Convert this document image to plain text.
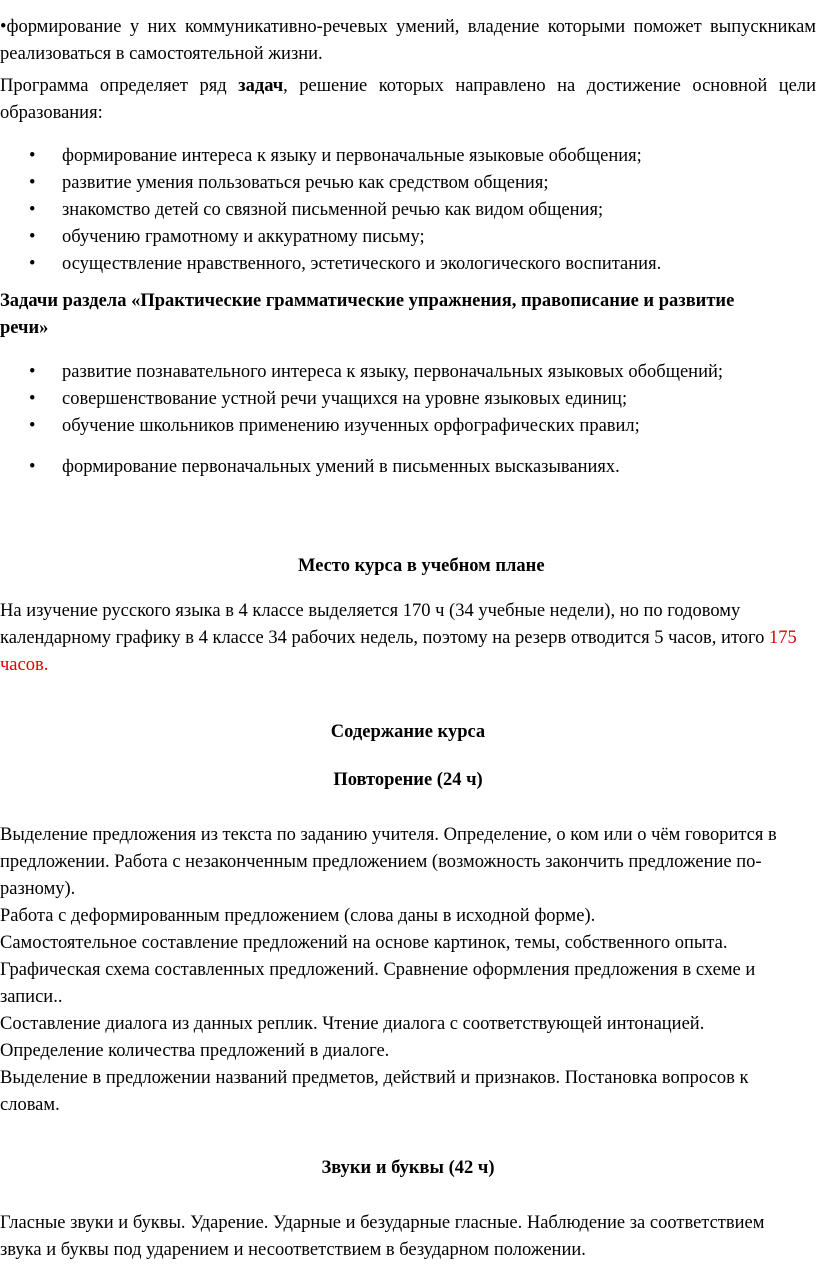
•формирование у них коммуникативно-речевых умений, владение которыми поможет выпускникам реализоваться в самостоятельной жизни.

Программа определяет ряд задач, решение которых направлено на достижение основной цели образования:

• формирование интереса к языку и первоначальные языковые обобщения;
• развитие умения пользоваться речью как средством общения;
• знакомство детей со связной письменной речью как видом общения;
• обучению грамотному и аккуратному письму;
• осуществление нравственного, эстетического и экологического воспитания.

Задачи раздела «Практические грамматические упражнения, правописание и развитие речи»

• развитие познавательного интереса к языку, первоначальных языковых обобщений;
• совершенствование устной речи учащихся на уровне языковых единиц;
• обучение школьников применению изученных орфографических правил;
• формирование первоначальных умений в письменных высказываниях.

Место курса в учебном плане

На изучение русского языка в 4 классе выделяется 170 ч (34 учебные недели), но по годовому календарному графику в 4 классе 34 рабочих недель, поэтому на резерв отводится 5 часов, итого 175 часов.

Содержание курса

Повторение (24 ч)

Выделение предложения из текста по заданию учителя. Определение, о ком или о чём говорится в предложении. Работа с незаконченным предложением (возможность закончить предложение по-разному).

Работа с деформированным предложением (слова даны в исходной форме).

Самостоятельное составление предложений на основе картинок, темы, собственного опыта. Графическая схема составленных предложений. Сравнение оформления предложения в схеме и записи..

Составление диалога из данных реплик. Чтение диалога с соответствующей интонацией.

Определение количества предложений в диалоге.

Выделение в предложении названий предметов, действий и признаков. Постановка вопросов к словам.

Звуки и буквы (42 ч)

Гласные звуки и буквы. Ударение. Ударные и безударные гласные. Наблюдение за соответствием звука и буквы под ударением и несоответствием в безударном положении.
